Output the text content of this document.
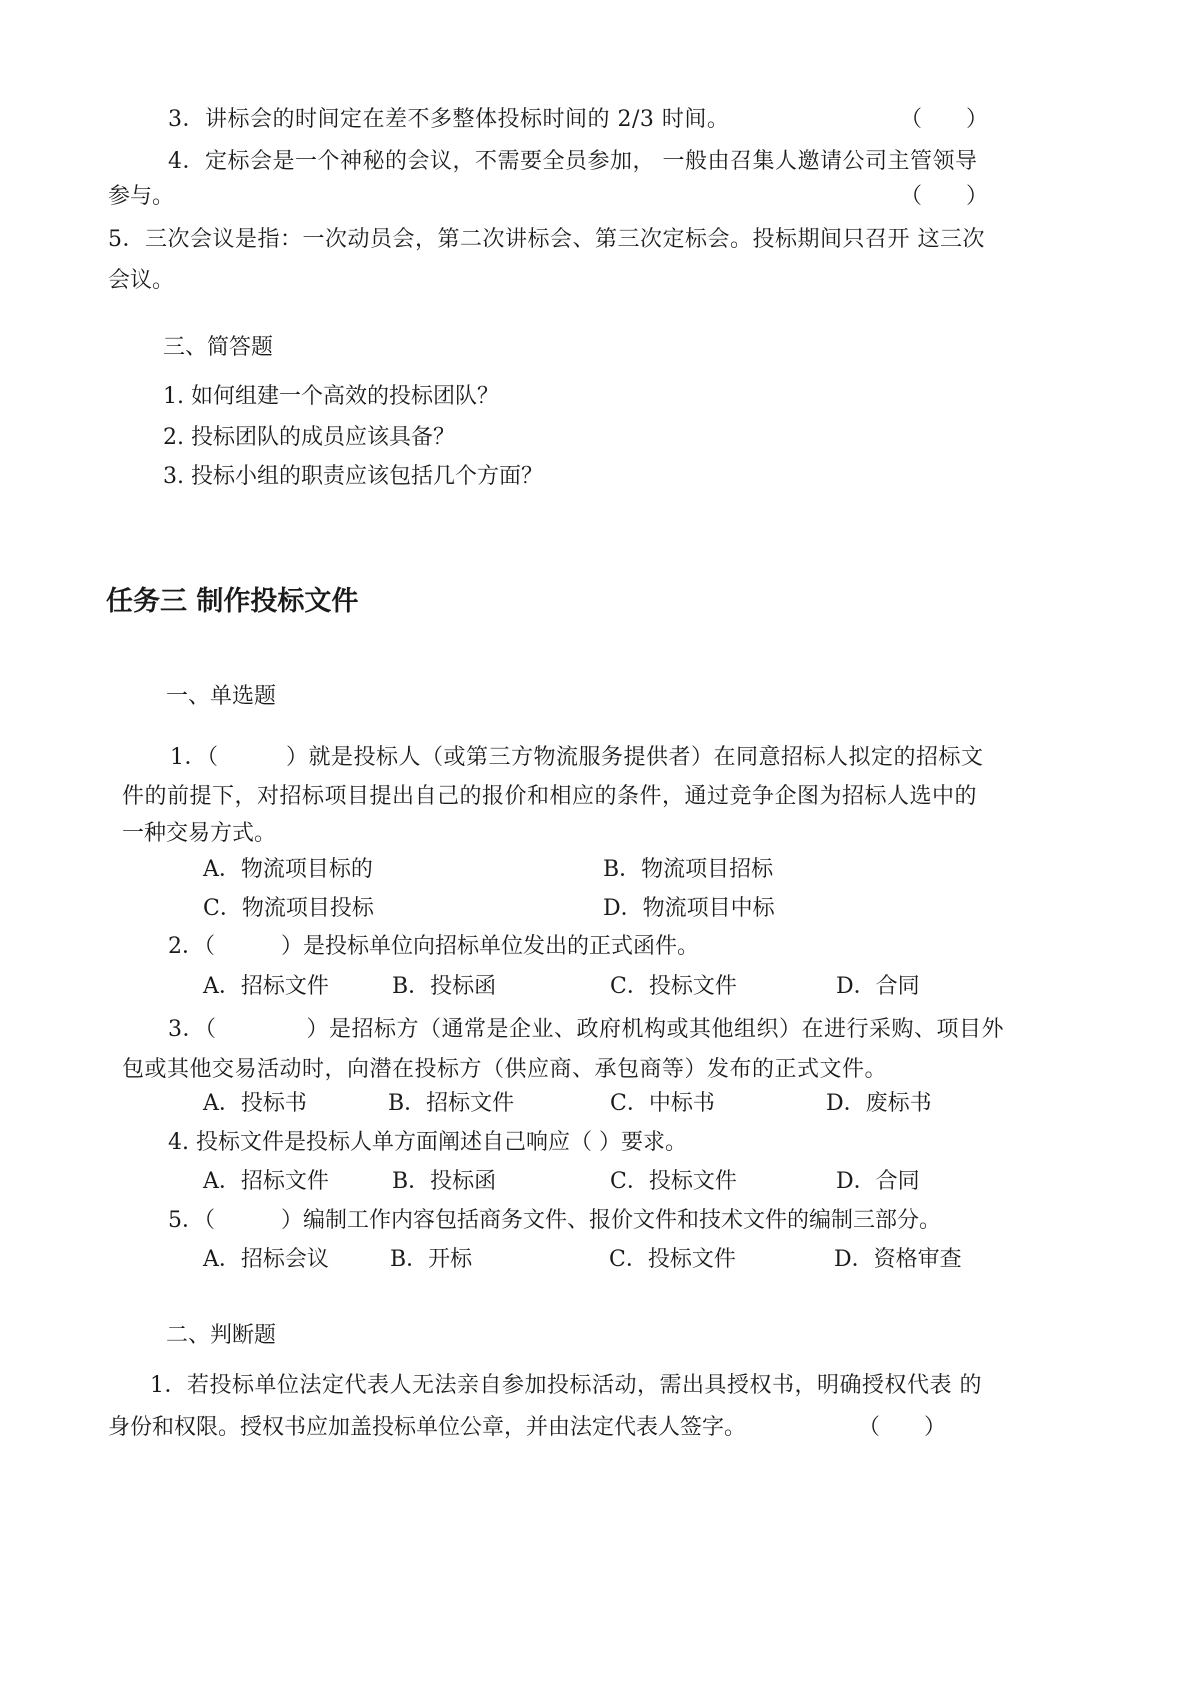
3．讲标会的时间定在差不多整体投标时间的 2/3 时间。	（　　）
4．定标会是一个神秘的会议，不需要全员参加， 一般由召集人邀请公司主管领导
参与。	（　　）
5．三次会议是指：一次动员会，第二次讲标会、第三次定标会。投标期间只召开 这三次
会议。
三、简答题
1. 如何组建一个高效的投标团队？
2. 投标团队的成员应该具备？
3. 投标小组的职责应该包括几个方面？
任务三 制作投标文件
一、单选题
1．（　　　）就是投标人（或第三方物流服务提供者）在同意招标人拟定的招标文
件的前提下，对招标项目提出自己的报价和相应的条件，通过竞争企图为招标人选中的
一种交易方式。
A．物流项目标的	B．物流项目招标
C．物流项目投标	D．物流项目中标
2．（　　　）是投标单位向招标单位发出的正式函件。
A．招标文件	B．投标函	C．投标文件	D．合同
3．（　　　　）是招标方（通常是企业、政府机构或其他组织）在进行采购、项目外
包或其他交易活动时，向潜在投标方（供应商、承包商等）发布的正式文件。
A．投标书	B．招标文件	C．中标书	D．废标书
4. 投标文件是投标人单方面阐述自己响应（ ）要求。
A．招标文件	B．投标函	C．投标文件	D．合同
5．（　　　）编制工作内容包括商务文件、报价文件和技术文件的编制三部分。
A．招标会议	B．开标	C．投标文件	D．资格审查
二、判断题
1．若投标单位法定代表人无法亲自参加投标活动，需出具授权书，明确授权代表 的
身份和权限。授权书应加盖投标单位公章，并由法定代表人签字。	（　　）
